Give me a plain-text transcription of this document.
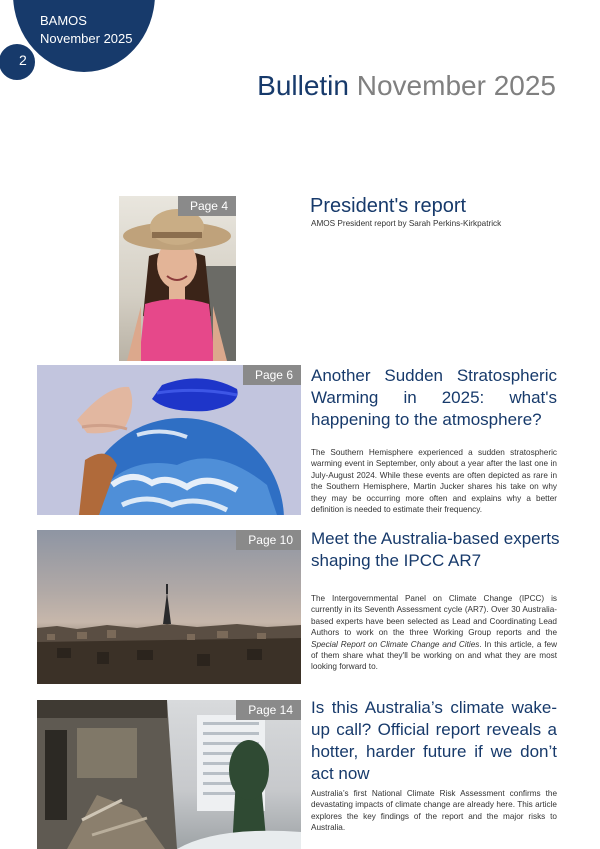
2
BAMOS
November 2025
Bulletin November 2025
Page 4	President's report
AMOS President report by Sarah Perkins-Kirkpatrick
Page 6	Another Sudden Stratospheric Warming in 2025: what's happening to the atmosphere?

The Southern Hemisphere experienced a sudden stratospheric warming event in September, only about a year after the last one in July-August 2024. While these events are often depicted as rare in the Southern Hemisphere, Martin Jucker shares his take on why they may be occurring more often and explains why a better definition is needed to estimate their frequency.

Page 10	Meet the Australia-based experts shaping the IPCC AR7

The Intergovernmental Panel on Climate Change (IPCC) is currently in its Seventh Assessment cycle (AR7). Over 30 Australia-based experts have been selected as Lead and Coordinating Lead Authors to work on the three Working Group reports and the Special Report on Climate Change and Cities. In this article, a few of them share what they'll be working on and what they are most looking forward to.

Page 14	Is this Australia’s climate wake-up call? Official report reveals a hotter, harder future if we don’t act now

Australia’s first National Climate Risk Assessment confirms the devastating impacts of climate change are already here. This article explores the key findings of the report and the major risks to Australia.
